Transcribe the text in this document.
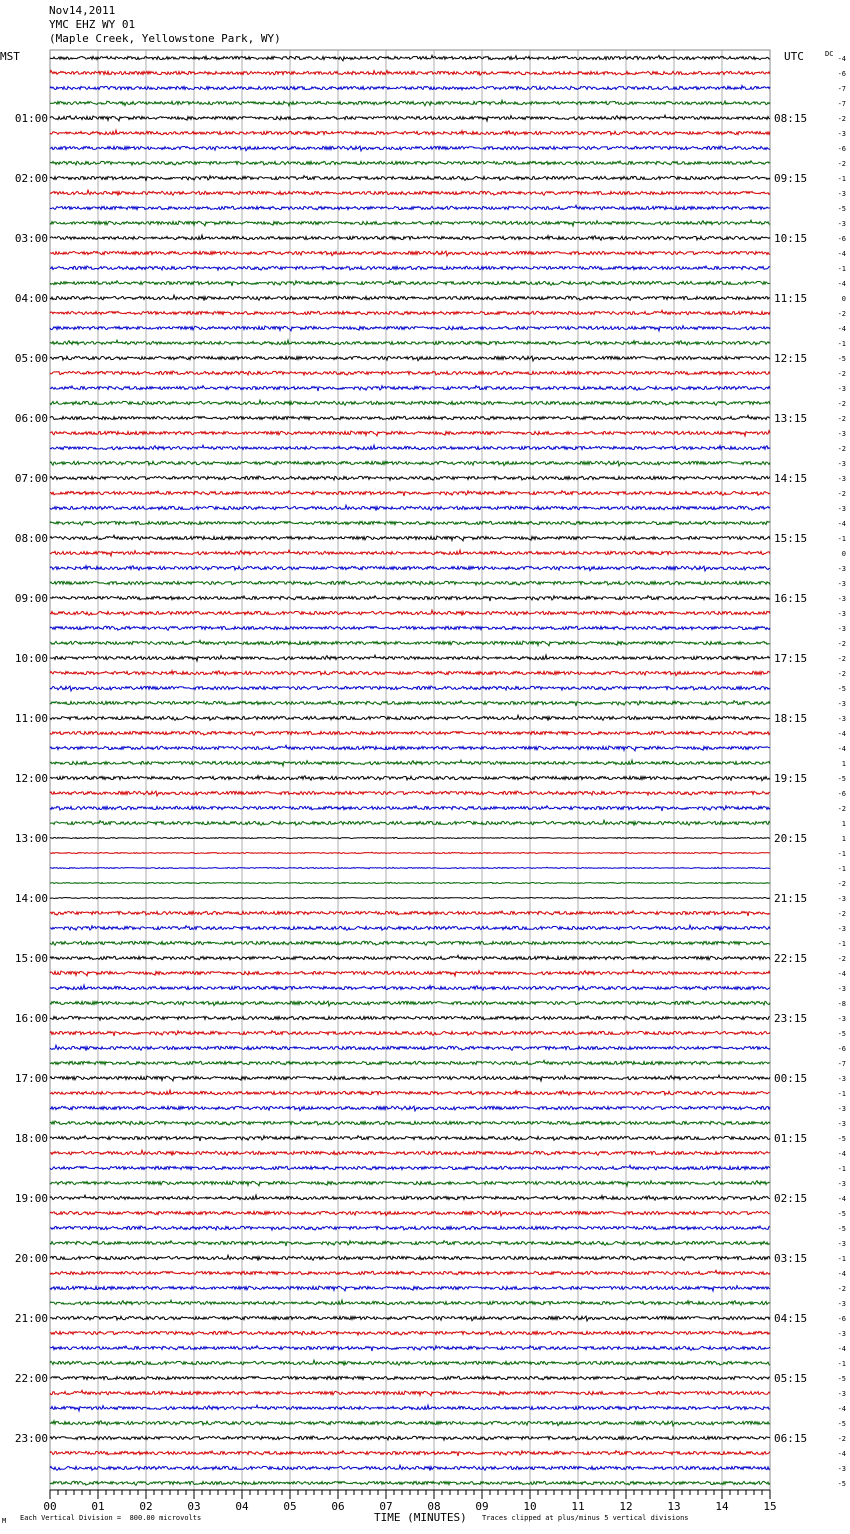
Nov14,2011
YMC EHZ WY 01
(Maple Creek, Yellowstone Park, WY)
-4
-6
-7
-7
-2
-3
-6
-2
-1
-3
-5
-3
-6
-4
-1
-4
0
-2
-4
-1
-5
-2
-3
-2
-2
-3
-2
-3
-3
-2
-3
-4
-1
0
-3
-3
-3
-3
-3
-2
-2
-2
-5
-3
-3
-4
-4
1
-5
-6
-2
1
1
-1
-1
-2
-3
-2
-3
-1
-2
-4
-3
-8
-3
-5
-6
-7
-3
-1
-3
-3
-5
-4
-1
-3
-4
-5
-5
-3
-1
-4
-2
-3
-6
-3
-4
-1
-5
-3
-4
-5
-2
-4
-3
-5
01:00	08:15
02:00	09:15
03:00	10:15
04:00	11:15
05:00	12:15
06:00	13:15
07:00	14:15
08:00	15:15
09:00	16:15
10:00	17:15
11:00	18:15
12:00	19:15
13:00	20:15
14:00	21:15
15:00	22:15
16:00	23:15
17:00	00:15
18:00	01:15
19:00	02:15
20:00	03:15
21:00	04:15
22:00	05:15
23:00	06:15
MST	UTC	DC
00	01	02	03	04	05	06	07	08	09	10	11	12	13	14	15
M Each Vertical Division =  800.00 microvolts	TIME (MINUTES) Traces clipped at plus/minus 5 vertical divisions
